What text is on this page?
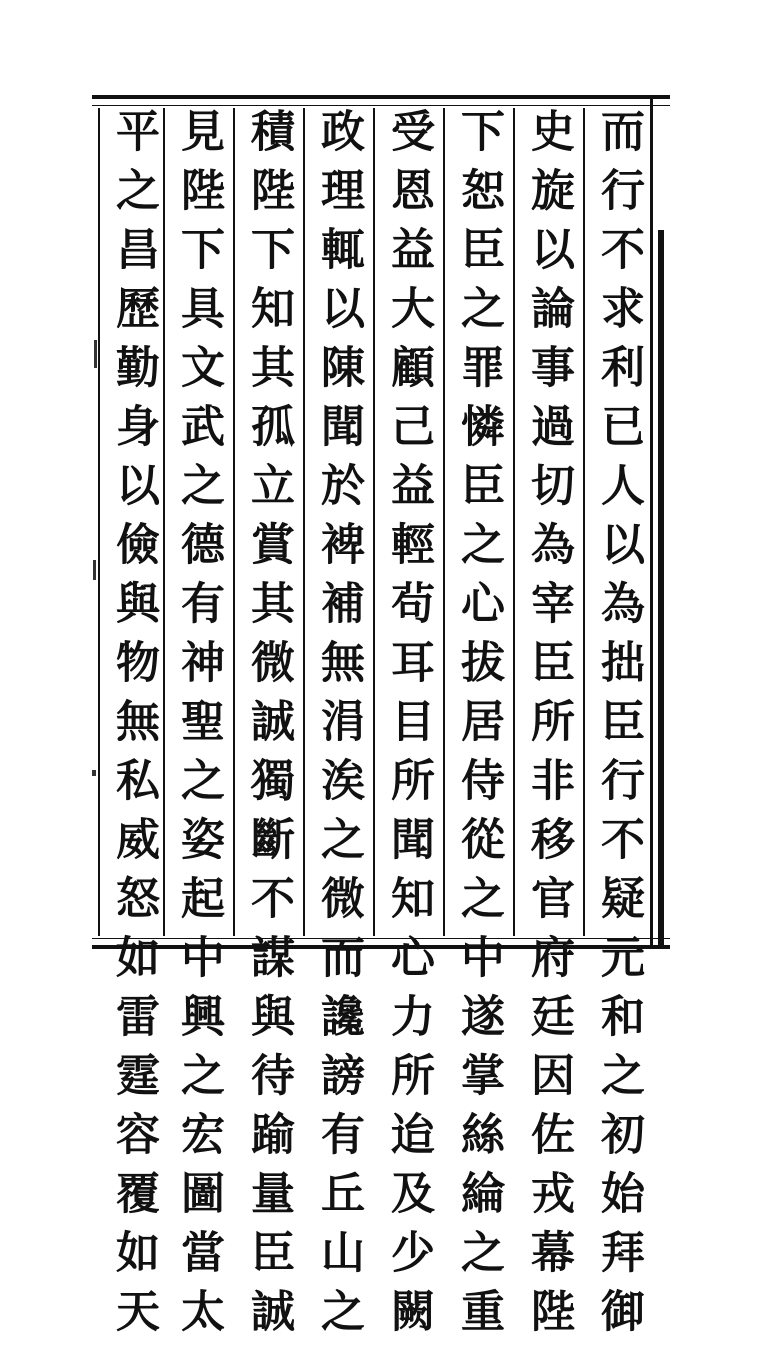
而行不求利已人以為拙臣行不疑元和之初始拜御
史旋以論事過切為宰臣所非移官府廷因佐戎幕陛
下恕臣之罪憐臣之心拔居侍從之中遂掌絲綸之重
受恩益大顧己益輕茍耳目所聞知心力所迨及少闕
政理輒以陳聞於裨補無涓涘之微而讒謗有丘山之
積陛下知其孤立賞其微誠獨斷不謀與待踰量臣誠
見陛下具文武之德有神聖之姿起中興之宏圖當太
平之昌歷勤身以儉與物無私威怒如雷霆容覆如天
